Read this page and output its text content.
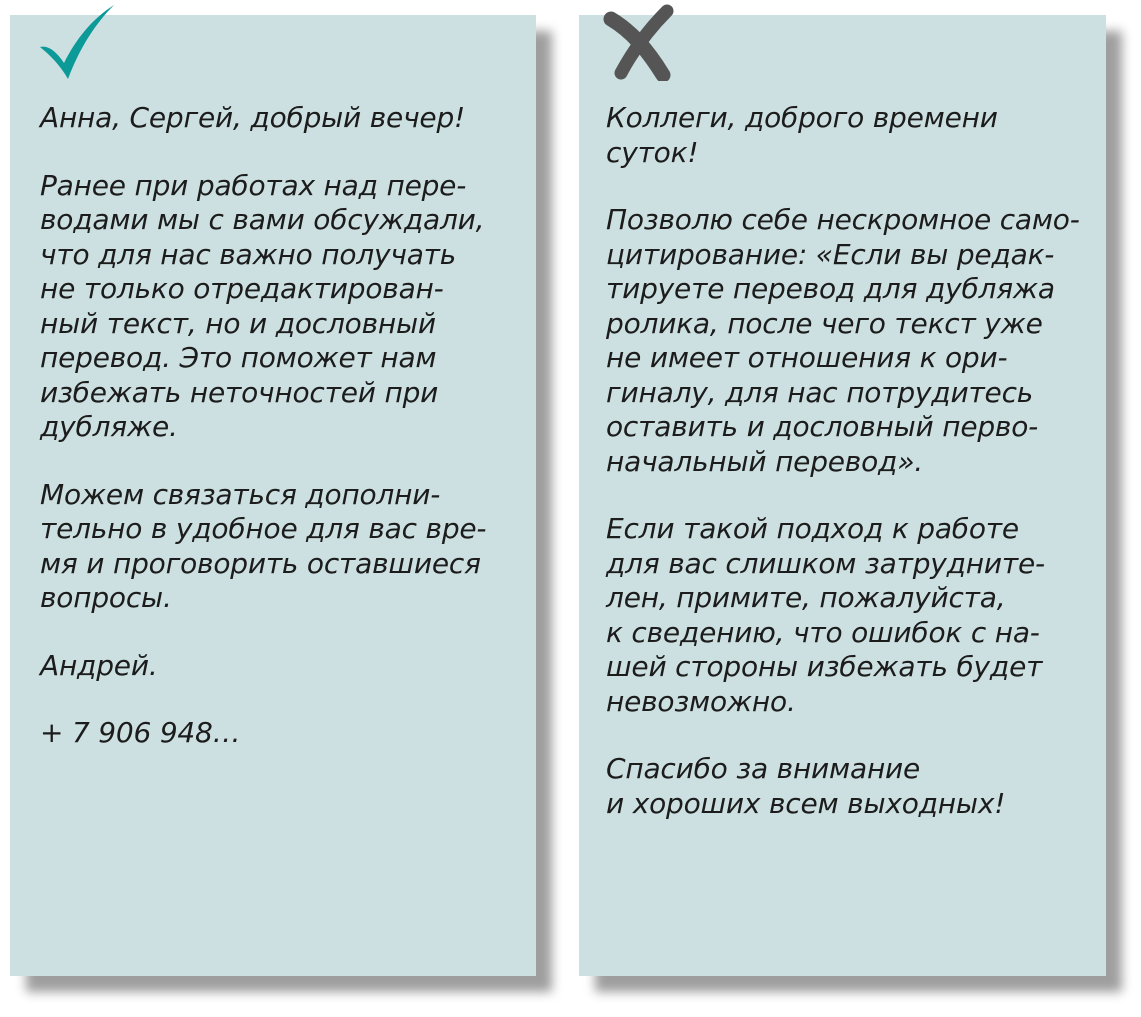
Анна, Сергей, добрый вечер!

Ранее при работах над пере-
водами мы с вами обсуждали,
что для нас важно получать
не только отредактирован-
ный текст, но и дословный
перевод. Это поможет нам
избежать неточностей при
дубляже.

Можем связаться дополни-
тельно в удобное для вас вре-
мя и проговорить оставшиеся
вопросы.

Андрей.

+ 7 906 948…

Коллеги, доброго времени
суток!

Позволю себе нескромное само-
цитирование: «Если вы редак-
тируете перевод для дубляжа
ролика, после чего текст уже
не имеет отношения к ори-
гиналу, для нас потрудитесь
оставить и дословный перво-
начальный перевод».

Если такой подход к работе
для вас слишком затрудните-
лен, примите, пожалуйста,
к сведению, что ошибок с на-
шей стороны избежать будет
невозможно.

Спасибо за внимание
и хороших всем выходных!
